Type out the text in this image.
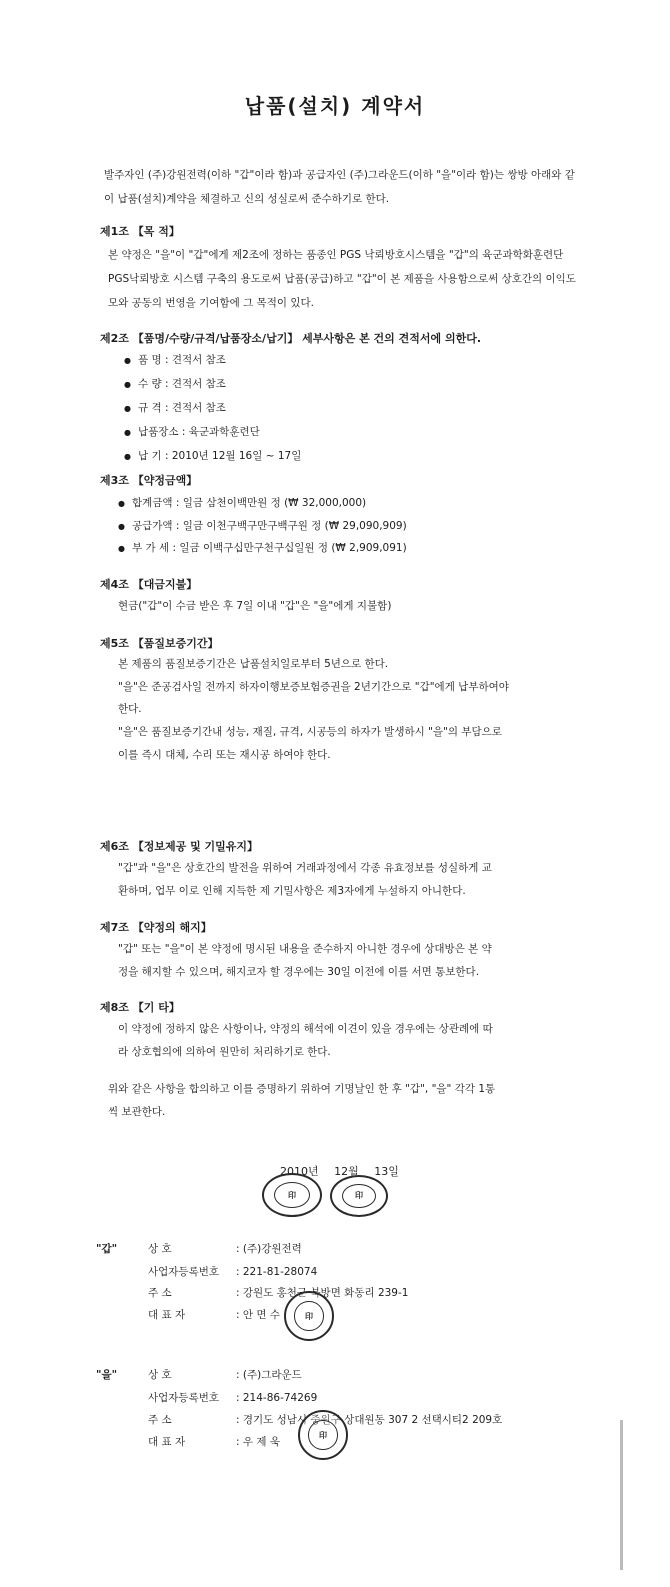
납품(설치) 계약서

발주자인 (주)강원전력(이하 "갑"이라 함)과 공급자인 (주)그라운드(이하 "을"이라 함)는 쌍방 아래와 같이 납품(설치)계약을 체결하고 신의 성실로써 준수하기로 한다.

제1조 【목 적】

본 약정은 "을"이 "갑"에게 제2조에 정하는 품종인 PGS 낙뢰방호시스템을 "갑"의 육군과학화훈련단 PGS낙뢰방호 시스템 구축의 용도로써 납품(공급)하고 "갑"이 본 제품을 사용함으로써 상호간의 이익도모와 공동의 번영을 기여함에 그 목적이 있다.

제2조 【품명/수량/규격/납품장소/납기】 세부사항은 본 건의 견적서에 의한다.

● 품 명 : 견적서 참조

● 수 량 : 견적서 참조

● 규 격 : 견적서 참조

● 납품장소 : 육군과학훈련단

● 납 기 : 2010년 12월 16일 ~ 17일

제3조 【약정금액】

● 합계금액 : 일금 삼천이백만원 정 (₩ 32,000,000)

● 공급가액 : 일금 이천구백구만구백구원 정 (₩ 29,090,909)

● 부 가 세 : 일금 이백구십만구천구십일원 정 (₩ 2,909,091)

제4조 【대금지불】

현금("갑"이 수금 받은 후 7일 이내 "갑"은 "을"에게 지불함)

제5조 【품질보증기간】

본 제품의 품질보증기간은 납품설치일로부터 5년으로 한다.

"을"은 준공검사일 전까지 하자이행보증보험증권을 2년기간으로 "갑"에게 납부하여야

한다.

"을"은 품질보증기간내 성능, 재질, 규격, 시공등의 하자가 발생하시 "을"의 부담으로

이를 즉시 대체, 수리 또는 재시공 하여야 한다.

제6조 【정보제공 및 기밀유지】

"갑"과 "을"은 상호간의 발전을 위하여 거래과정에서 각종 유효정보를 성실하게 교

환하며, 업무 이로 인해 지득한 제 기밀사항은 제3자에게 누설하지 아니한다.

제7조 【약정의 해지】

"갑" 또는 "을"이 본 약정에 명시된 내용을 준수하지 아니한 경우에 상대방은 본 약

정을 해지할 수 있으며, 해지코자 할 경우에는 30일 이전에 이를 서면 통보한다.

제8조 【기 타】

이 약정에 정하지 않은 사항이나, 약정의 해석에 이견이 있을 경우에는 상관례에 따

라 상호협의에 의하여 원만히 처리하기로 한다.

위와 같은 사항을 합의하고 이를 증명하기 위하여 기명날인 한 후 "갑", "을" 각각 1통

씩 보관한다.

2010년 12월 13일
印	印
"갑"	상 호	: (주)강원전력
사업자등록번호 : 221-81-28074
주 소	: 강원도 홍천군 북방면 화동리 239-1
대 표 자	: 안 면 수	印
"을"	상 호	: (주)그라운드
사업자등록번호 : 214-86-74269
주 소	: 경기도 성남시 중원구 상대원동 307 2 선택시티2 209호
대 표 자	: 우 제 욱
印
